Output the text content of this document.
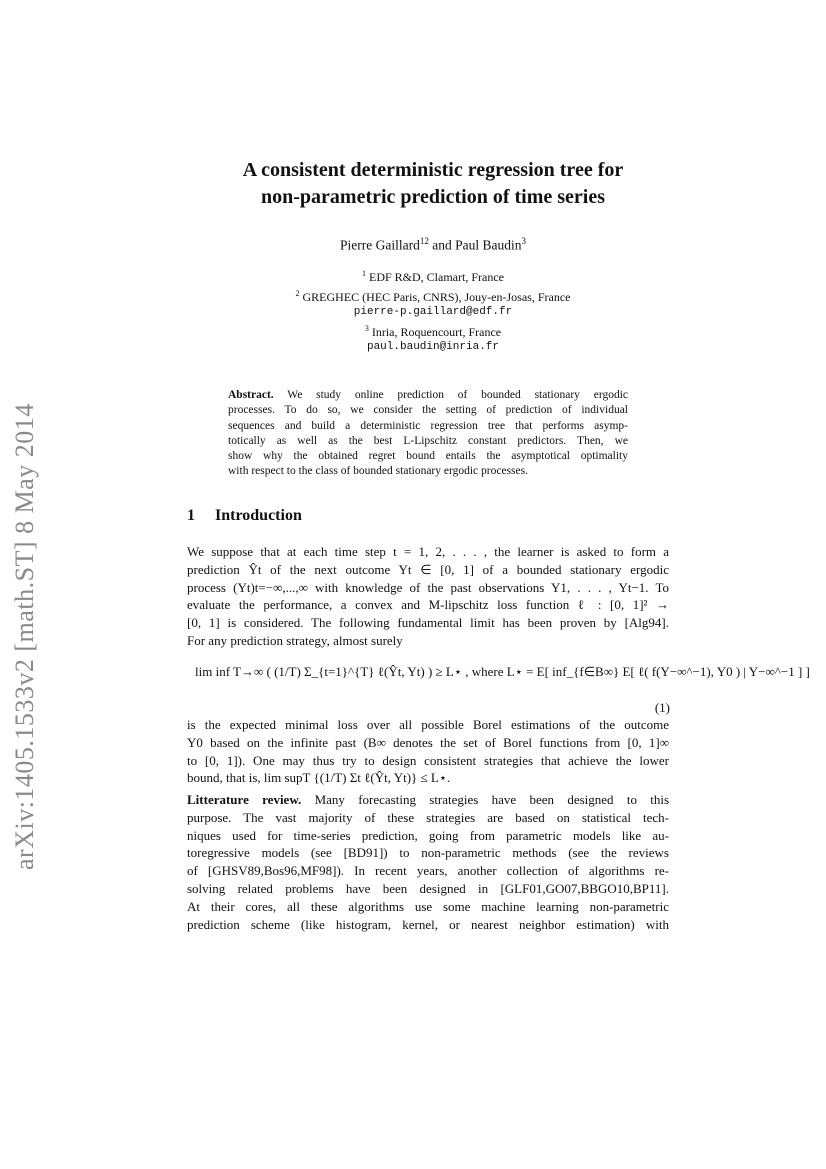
arXiv:1405.1533v2 [math.ST] 8 May 2014
A consistent deterministic regression tree for
non-parametric prediction of time series
Pierre Gaillard$^{12}$ and Paul Baudin$^3$
$^1$ EDF R&D, Clamart, France
$^2$ GREGHEC (HEC Paris, CNRS), Jouy-en-Josas, France
pierre-p.gaillard@edf.fr
$^3$ Inria, Roquencourt, France
paul.baudin@inria.fr
Abstract. We study online prediction of bounded stationary ergodic
processes. To do so, we consider the setting of prediction of individual
sequences and build a deterministic regression tree that performs asymp-
totically as well as the best L-Lipschitz constant predictors. Then, we
show why the obtained regret bound entails the asymptotical optimality
with respect to the class of bounded stationary ergodic processes.
1 Introduction
We suppose that at each time step t = 1, 2, . . . , the learner is asked to form a
prediction Ŷt of the next outcome Yt ∈ [0, 1] of a bounded stationary ergodic
process (Yt)t=−∞,...,∞ with knowledge of the past observations Y1, . . . , Yt−1. To
evaluate the performance, a convex and M-lipschitz loss function ℓ : [0, 1]² →
[0, 1] is considered. The following fundamental limit has been proven by [Alg94].
For any prediction strategy, almost surely
lim inf T→∞ ( (1/T) Σ_{t=1}^{T} ℓ(Ŷt, Yt) ) ≥ L⋆ , where L⋆ = E[ inf_{f∈B∞} E[ ℓ( f(Y−∞^−1), Y0 ) | Y−∞^−1 ] ]
(1)
is the expected minimal loss over all possible Borel estimations of the outcome
Y0 based on the infinite past (B∞ denotes the set of Borel functions from [0, 1]∞
to [0, 1]). One may thus try to design consistent strategies that achieve the lower
bound, that is, lim supT {(1/T) Σt ℓ(Ŷt, Yt)} ≤ L⋆.
Litterature review. Many forecasting strategies have been designed to this
purpose. The vast majority of these strategies are based on statistical tech-
niques used for time-series prediction, going from parametric models like au-
toregressive models (see [BD91]) to non-parametric methods (see the reviews
of [GHSV89,Bos96,MF98]). In recent years, another collection of algorithms re-
solving related problems have been designed in [GLF01,GO07,BBGO10,BP11].
At their cores, all these algorithms use some machine learning non-parametric
prediction scheme (like histogram, kernel, or nearest neighbor estimation) with
